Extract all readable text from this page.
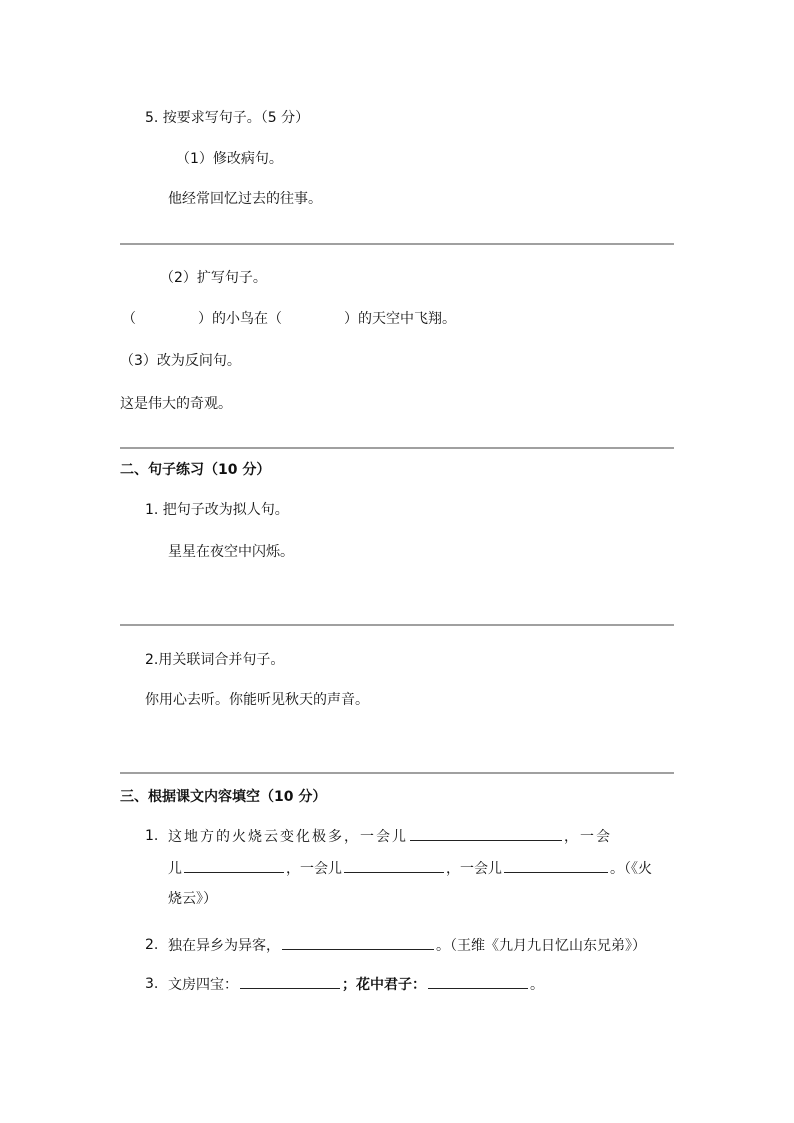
5. 按要求写句子。（5 分）
（1）修改病句。
他经常回忆过去的往事。
（2）扩写句子。
（	）的小鸟在（	）的天空中飞翔。
（3）改为反问句。
这是伟大的奇观。
二、句子练习（10 分）
1. 把句子改为拟人句。
星星在夜空中闪烁。
2.用关联词合并句子。
你用心去听。你能听见秋天的声音。
三、根据课文内容填空（10 分）
1. 这地方的火烧云变化极多，一会儿	，一会
儿	，一会儿	，一会儿	。（《火
烧云》）
2. 独在异乡为异客，	。（王维《九月九日忆山东兄弟》）
3. 文房四宝：	；花中君子：	。
